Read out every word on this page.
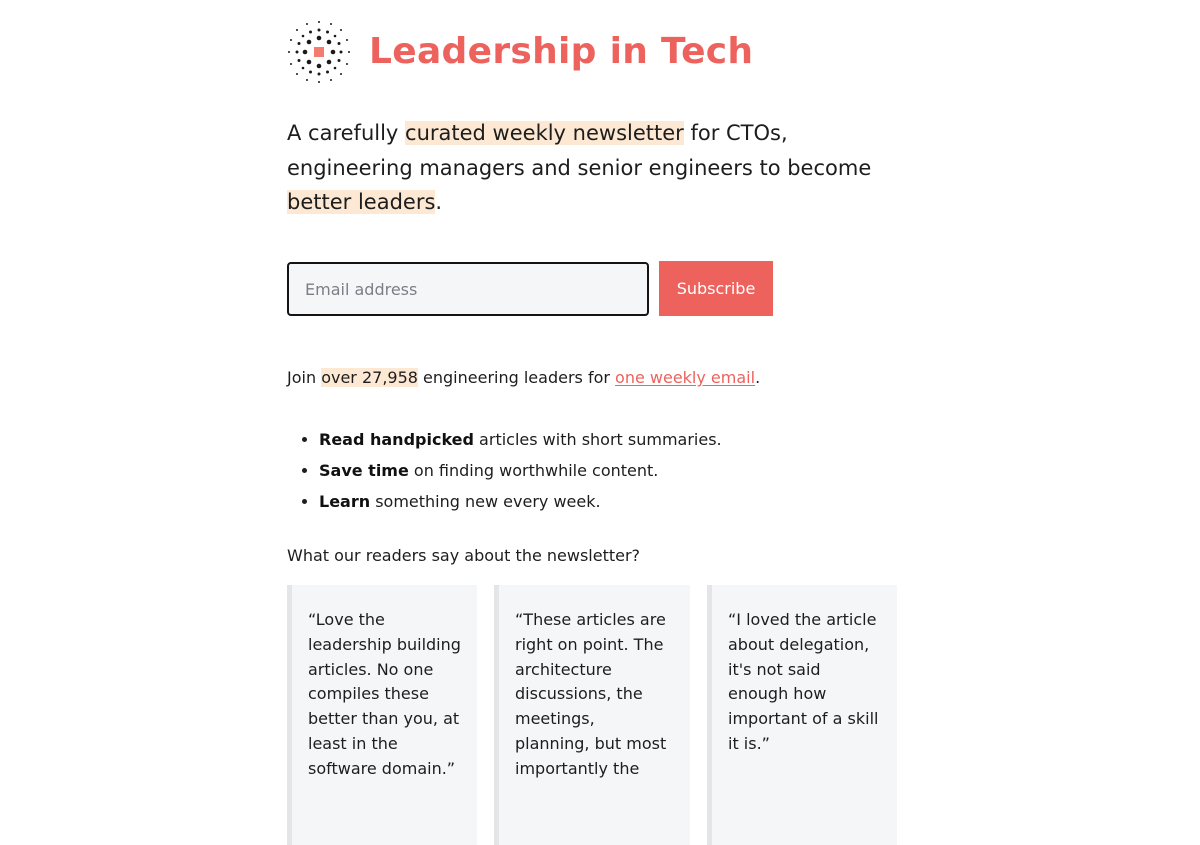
Leadership in Tech

A carefully curated weekly newsletter for CTOs, engineering managers and senior engineers to become better leaders.

Email address
Subscribe

Join over 27,958 engineering leaders for one weekly email.

• Read handpicked articles with short summaries.
• Save time on finding worthwhile content.
• Learn something new every week.

What our readers say about the newsletter?

“Love the leadership building articles. No one compiles these better than you, at least in the software domain.”
“These articles are right on point. The architecture discussions, the meetings, planning, but most importantly the
“I loved the article about delegation, it's not said enough how important of a skill it is.”
